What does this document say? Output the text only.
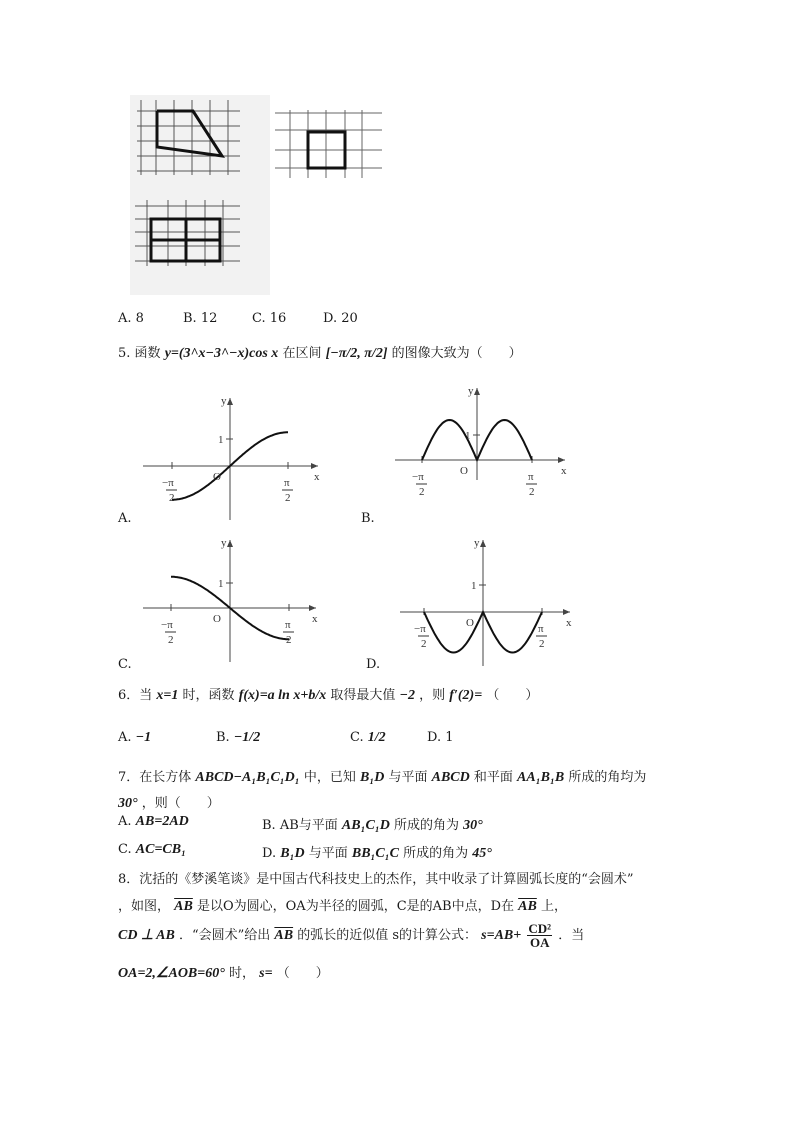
A. 8	B. 12	C. 16	D. 20
5. 函数 y=(3^x−3^−x)cos x 在区间 [−π/2, π/2] 的图像大致为（　　）
y
x
O
1
−π
2
π
2
y
x
O
1
−π
2
π
2
y
x
O
1
−π
2
π
2
y
x
O
1
−π
2
π
2
A.	B.
C.	D.
6．当 x=1 时，函数 f(x)=a ln x+b/x 取得最大值 −2 ，则 f′(2)= （　　）
A. −1	B. −1/2	C. 1/2	D. 1
7．在长方体 ABCD−A₁B₁C₁D₁ 中，已知 B₁D 与平面 ABCD 和平面 AA₁B₁B 所成的角均为
30° ，则（　　）
A. AB=2AD	B. AB与平面 AB₁C₁D 所成的角为 30°
C. AC=CB₁	D. B₁D 与平面 BB₁C₁C 所成的角为 45°
8．沈括的《梦溪笔谈》是中国古代科技史上的杰作，其中收录了计算圆弧长度的“会圆术”
，如图， $\overline{AB}$ 是以O为圆心，OA为半径的圆弧，C是的AB中点，D在 $\overline{AB}$ 上，
CD ⊥ AB ．“会圆术”给出 $\overline{AB}$ 的弧长的近似值 s的计算公式： $s=AB+ \frac{\text{CD²}}{OA}$ ．当
OA=2,∠AOB=60° 时， s= （　　）
